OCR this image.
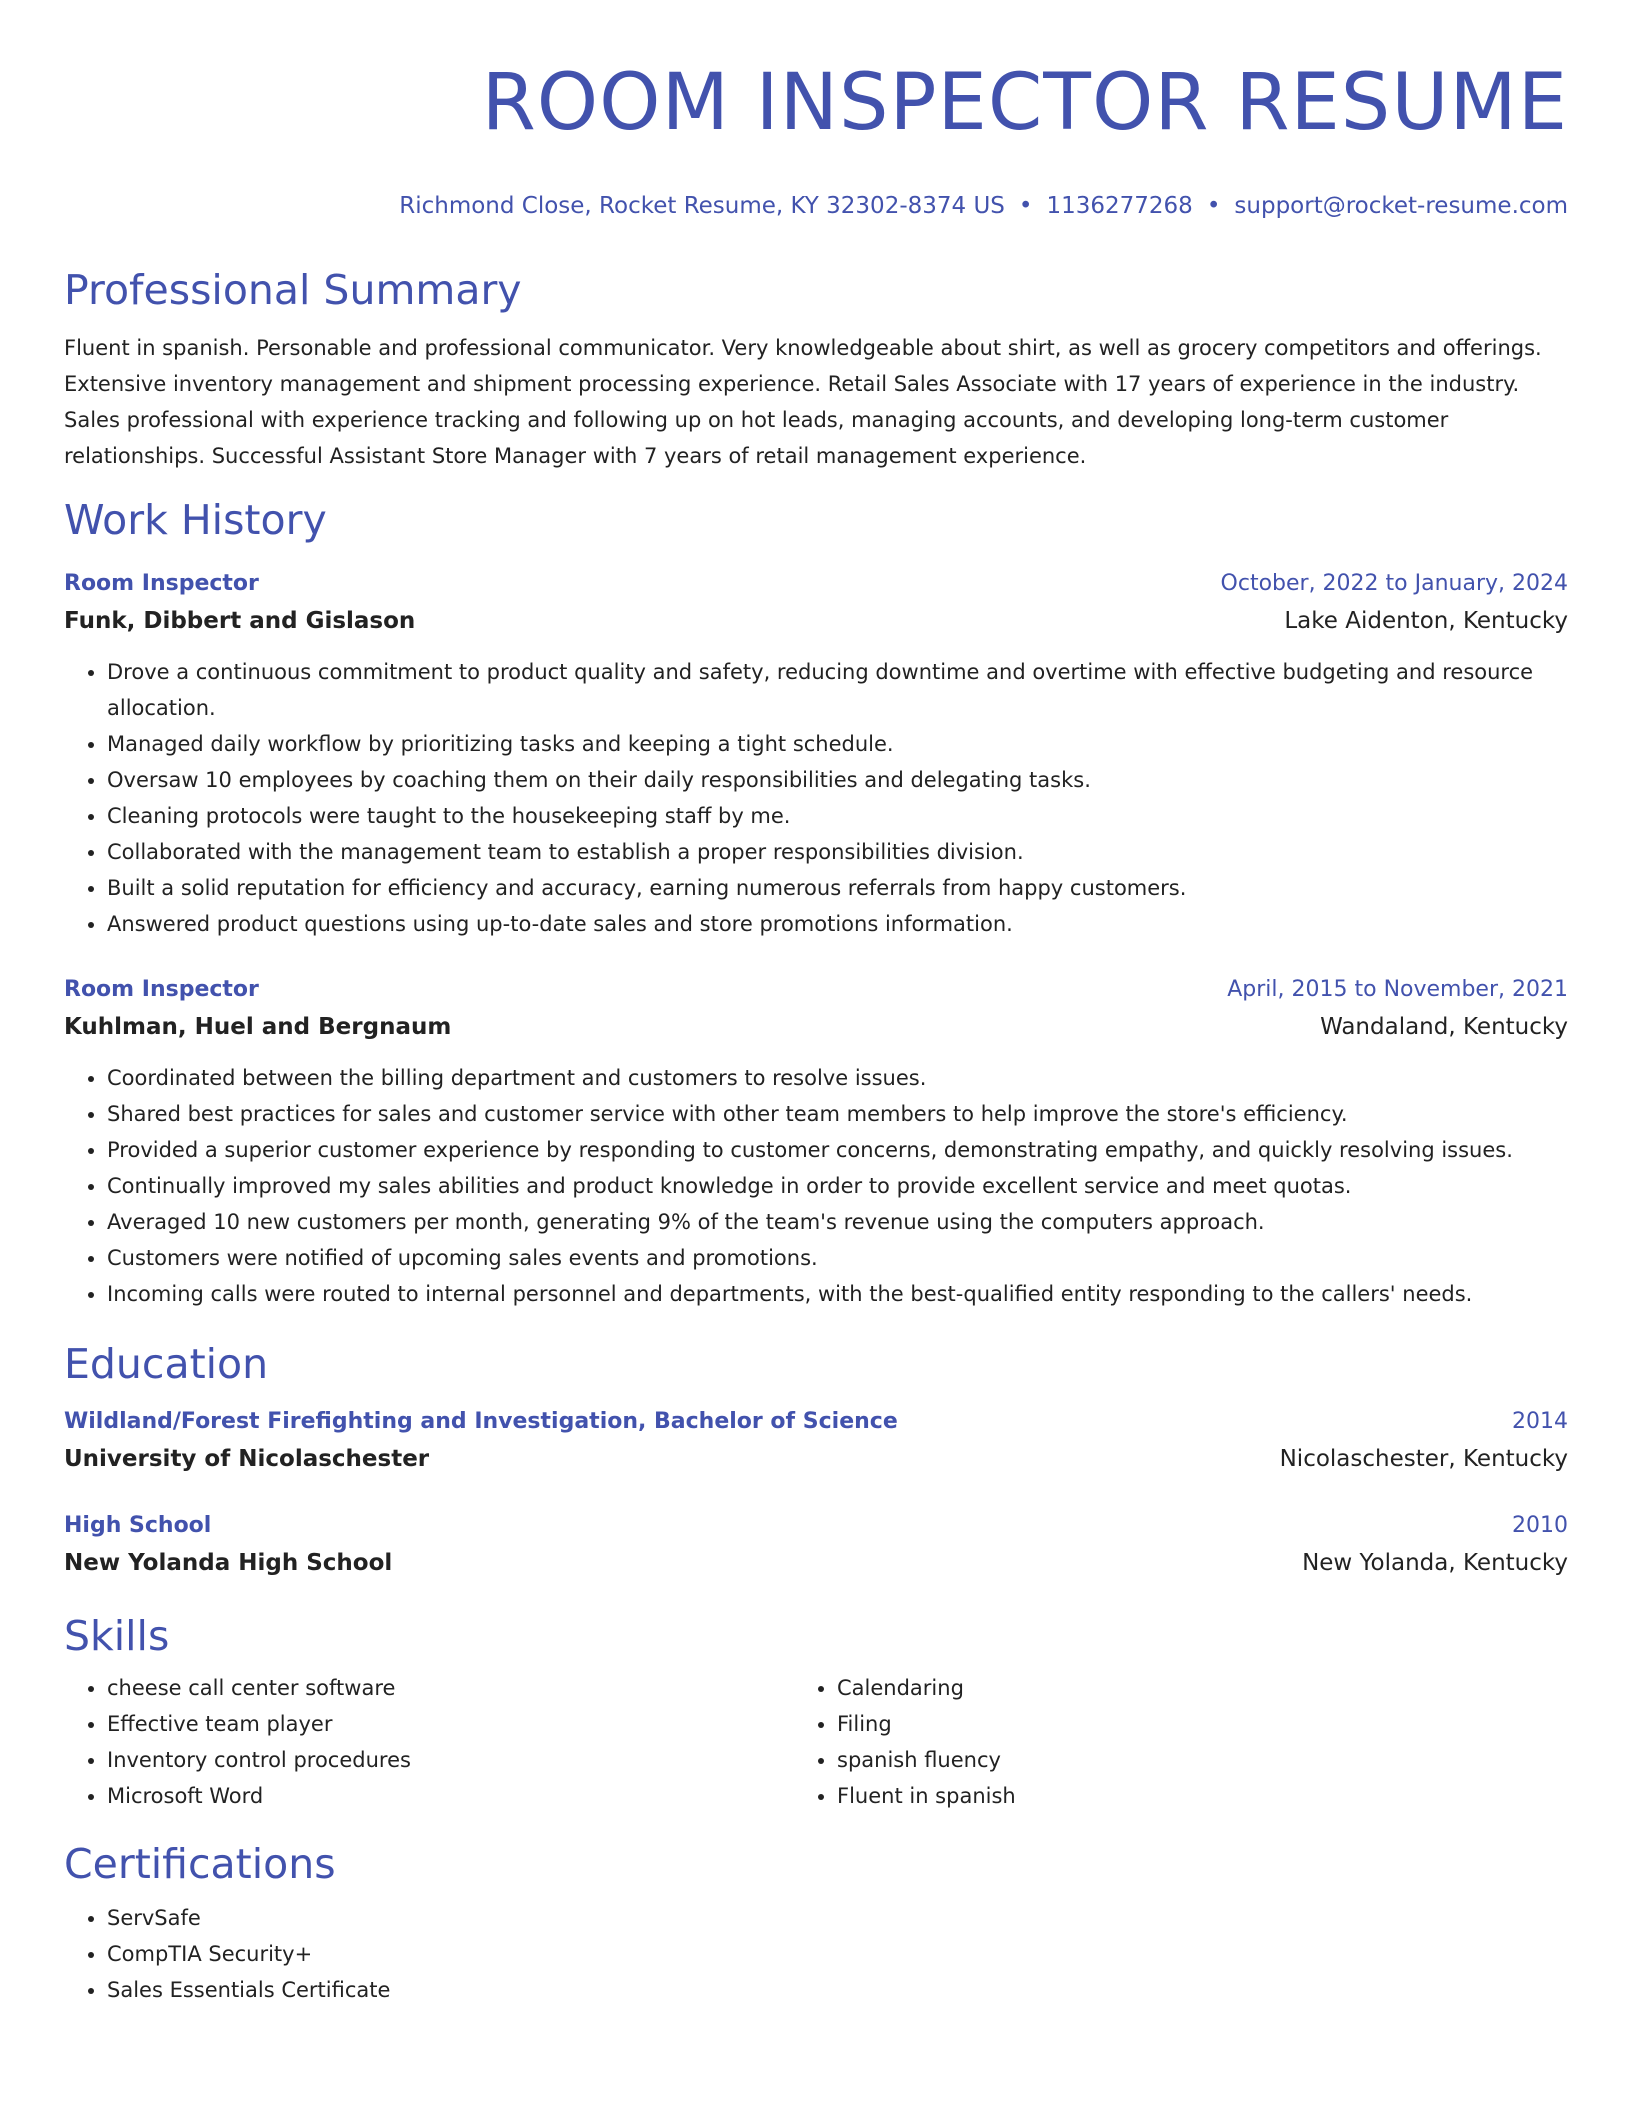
ROOM INSPECTOR RESUME
Richmond Close, Rocket Resume, KY 32302-8374 US • 1136277268 • support@rocket-resume.com
Professional Summary
Fluent in spanish. Personable and professional communicator. Very knowledgeable about shirt, as well as grocery competitors and offerings. Extensive inventory management and shipment processing experience. Retail Sales Associate with 17 years of experience in the industry. Sales professional with experience tracking and following up on hot leads, managing accounts, and developing long-term customer relationships. Successful Assistant Store Manager with 7 years of retail management experience.
Work History
Room Inspector	October, 2022 to January, 2024
Funk, Dibbert and Gislason	Lake Aidenton, Kentucky
• Drove a continuous commitment to product quality and safety, reducing downtime and overtime with effective budgeting and resource allocation.
• Managed daily workflow by prioritizing tasks and keeping a tight schedule.
• Oversaw 10 employees by coaching them on their daily responsibilities and delegating tasks.
• Cleaning protocols were taught to the housekeeping staff by me.
• Collaborated with the management team to establish a proper responsibilities division.
• Built a solid reputation for efficiency and accuracy, earning numerous referrals from happy customers.
• Answered product questions using up-to-date sales and store promotions information.
Room Inspector	April, 2015 to November, 2021
Kuhlman, Huel and Bergnaum	Wandaland, Kentucky
• Coordinated between the billing department and customers to resolve issues.
• Shared best practices for sales and customer service with other team members to help improve the store's efficiency.
• Provided a superior customer experience by responding to customer concerns, demonstrating empathy, and quickly resolving issues.
• Continually improved my sales abilities and product knowledge in order to provide excellent service and meet quotas.
• Averaged 10 new customers per month, generating 9% of the team's revenue using the computers approach.
• Customers were notified of upcoming sales events and promotions.
• Incoming calls were routed to internal personnel and departments, with the best-qualified entity responding to the callers' needs.
Education
Wildland/Forest Firefighting and Investigation, Bachelor of Science	2014
University of Nicolaschester	Nicolaschester, Kentucky
High School	2010
New Yolanda High School	New Yolanda, Kentucky
Skills
• cheese call center software
• Effective team player
• Inventory control procedures
• Microsoft Word
• Calendaring
• Filing
• spanish fluency
• Fluent in spanish
Certifications
• ServSafe
• CompTIA Security+
• Sales Essentials Certificate
